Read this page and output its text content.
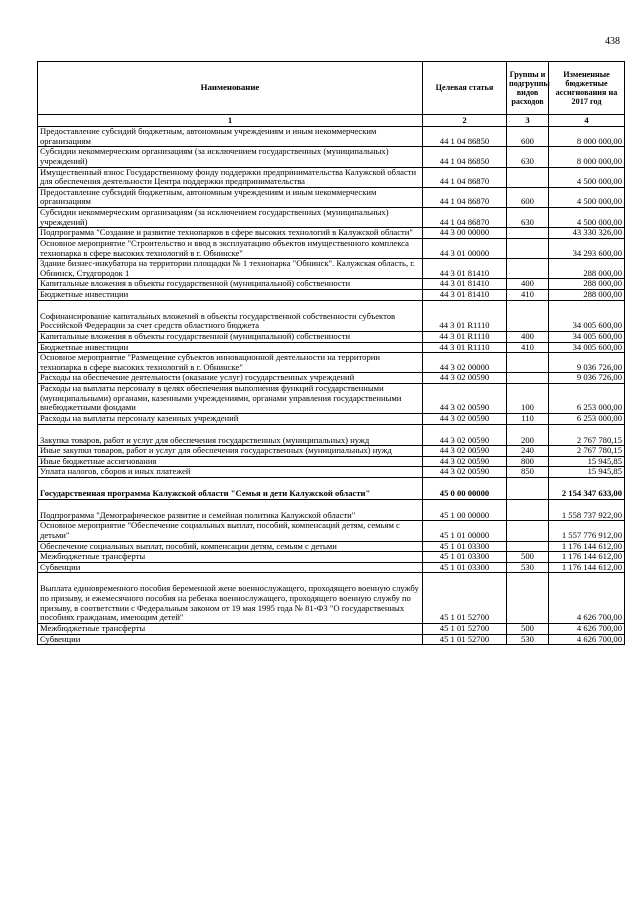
438
Наименование	Целевая статья	Группы и подгруппы видов расходов	Измененные бюджетные ассигнования на 2017 год
1	2	3	4
Предоставление субсидий бюджетным, автономным учреждениям и иным некоммерческим организациям	44 1 04 86850	600	8 000 000,00
Субсидии некоммерческим организациям (за исключением государственных (муниципальных) учреждений)	44 1 04 86850	630	8 000 000,00
Имущественный взнос Государственному фонду поддержки предпринимательства Калужской области для обеспечения деятельности Центра поддержки предпринимательства	44 1 04 86870		4 500 000,00
Предоставление субсидий бюджетным, автономным учреждениям и иным некоммерческим организациям	44 1 04 86870	600	4 500 000,00
Субсидии некоммерческим организациям (за исключением государственных (муниципальных) учреждений)	44 1 04 86870	630	4 500 000,00
Подпрограмма "Создание и развитие технопарков в сфере высоких технологий в Калужской области"	44 3 00 00000		43 330 326,00
Основное мероприятие "Строительство и ввод в эксплуатацию объектов имущественного комплекса технопарка в сфере высоких технологий в г. Обнинске"	44 3 01 00000		34 293 600,00
Здание бизнес-инкубатора на территории площадки № 1 технопарка "Обнинск". Калужская область, г. Обнинск, Студгородок 1	44 3 01 81410		288 000,00
Капитальные вложения в объекты государственной (муниципальной) собственности	44 3 01 81410	400	288 000,00
Бюджетные инвестиции	44 3 01 81410	410	288 000,00
Софинансирование капитальных вложений в объекты государственной собственности субъектов Российской Федерации за счет средств областного бюджета	44 3 01 R1110		34 005 600,00
Капитальные вложения в объекты государственной (муниципальной) собственности	44 3 01 R1110	400	34 005 600,00
Бюджетные инвестиции	44 3 01 R1110	410	34 005 600,00
Основное мероприятие "Размещение субъектов инновационной деятельности на территории технопарка в сфере высоких технологий в г. Обнинске"	44 3 02 00000		9 036 726,00
Расходы на обеспечение деятельности (оказание услуг) государственных учреждений	44 3 02 00590		9 036 726,00
Расходы на выплаты персоналу в целях обеспечения выполнения функций государственными (муниципальными) органами, казенными учреждениями, органами управления государственными внебюджетными фондами	44 3 02 00590	100	6 253 000,00
Расходы на выплаты персоналу казенных учреждений	44 3 02 00590	110	6 253 000,00
Закупка товаров, работ и услуг для обеспечения государственных (муниципальных) нужд	44 3 02 00590	200	2 767 780,15
Иные закупки товаров, работ и услуг для обеспечения государственных (муниципальных) нужд	44 3 02 00590	240	2 767 780,15
Иные бюджетные ассигнования	44 3 02 00590	800	15 945,85
Уплата налогов, сборов и иных платежей	44 3 02 00590	850	15 945,85
Государственная программа Калужской области "Семья и дети Калужской области"	45 0 00 00000		2 154 347 633,00
Подпрограмма "Демографическое развитие и семейная политика Калужской области"	45 1 00 00000		1 558 737 922,00
Основное мероприятие "Обеспечение социальных выплат, пособий, компенсаций детям, семьям с детьми"	45 1 01 00000		1 557 776 912,00
Обеспечение социальных выплат, пособий, компенсации детям, семьям с детьми	45 1 01 03300		1 176 144 612,00
Межбюджетные трансферты	45 1 01 03300	500	1 176 144 612,00
Субвенции	45 1 01 03300	530	1 176 144 612,00
Выплата единовременного пособия беременной жене военнослужащего, проходящего военную службу по призыву, и ежемесячного пособия на ребенка военнослужащего, проходящего военную службу по призыву, в соответствии с Федеральным законом от 19 мая 1995 года № 81-ФЗ "О государственных пособиях гражданам, имеющим детей"	45 1 01 52700		4 626 700,00
Межбюджетные трансферты	45 1 01 52700	500	4 626 700,00
Субвенции	45 1 01 52700	530	4 626 700,00
